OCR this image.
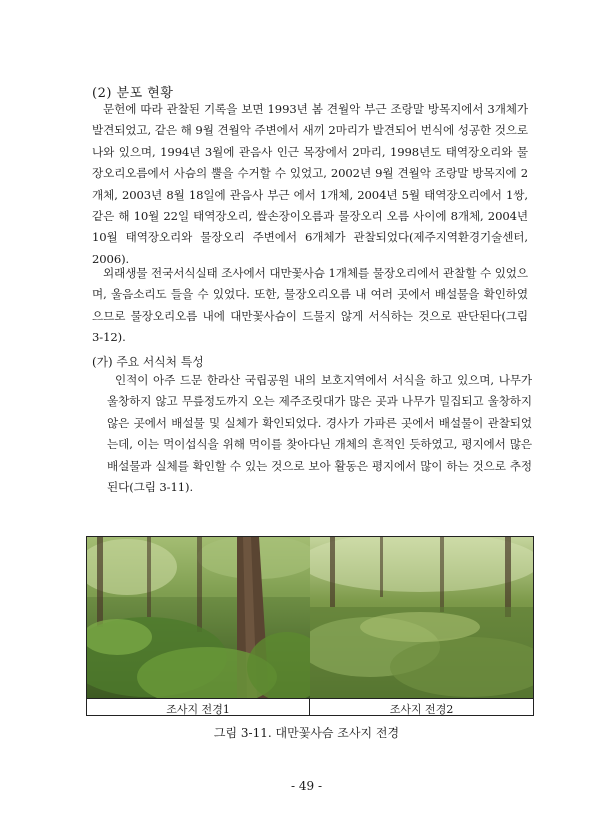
(2) 분포 현황

문헌에 따라 관찰된 기록을 보면 1993년 봄 견월악 부근 조랑말 방목지에서 3개체가 발견되었고, 같은 해 9월 견월악 주변에서 새끼 2마리가 발견되어 번식에 성공한 것으로 나와 있으며, 1994년 3월에 관음사 인근 목장에서 2마리, 1998년도 태역장오리와 물장오리오름에서 사슴의 뿔을 수거할 수 있었고, 2002년 9월 견월악 조랑말 방목지에 2개체, 2003년 8월 18일에 관음사 부근 에서 1개체, 2004년 5월 태역장오리에서 1쌍, 같은 해 10월 22일 태역장오리, 쌀손장이오름과 물장오리 오름 사이에 8개체, 2004년 10월 태역장오리와 물장오리 주변에서 6개체가 관찰되었다(제주지역환경기술센터, 2006).

외래생물 전국서식실태 조사에서 대만꽃사슴 1개체를 물장오리에서 관찰할 수 있었으며, 울음소리도 들을 수 있었다. 또한, 물장오리오름 내 여러 곳에서 배설물을 확인하였으므로 물장오리오름 내에 대만꽃사슴이 드물지 않게 서식하는 것으로 판단된다(그림 3-12).

(가) 주요 서식처 특성

인적이 아주 드문 한라산 국립공원 내의 보호지역에서 서식을 하고 있으며, 나무가 울창하지 않고 무릎정도까지 오는 제주조릿대가 많은 곳과 나무가 밀집되고 울창하지 않은 곳에서 배설물 및 실체가 확인되었다. 경사가 가파른 곳에서 배설물이 관찰되었는데, 이는 먹이섭식을 위해 먹이를 찾아다닌 개체의 흔적인 듯하였고, 평지에서 많은 배설물과 실체를 확인할 수 있는 것으로 보아 활동은 평지에서 많이 하는 것으로 추정된다(그림 3-11).

조사지 전경1	조사지 전경2
그림 3-11. 대만꽃사슴 조사지 전경
- 49 -
